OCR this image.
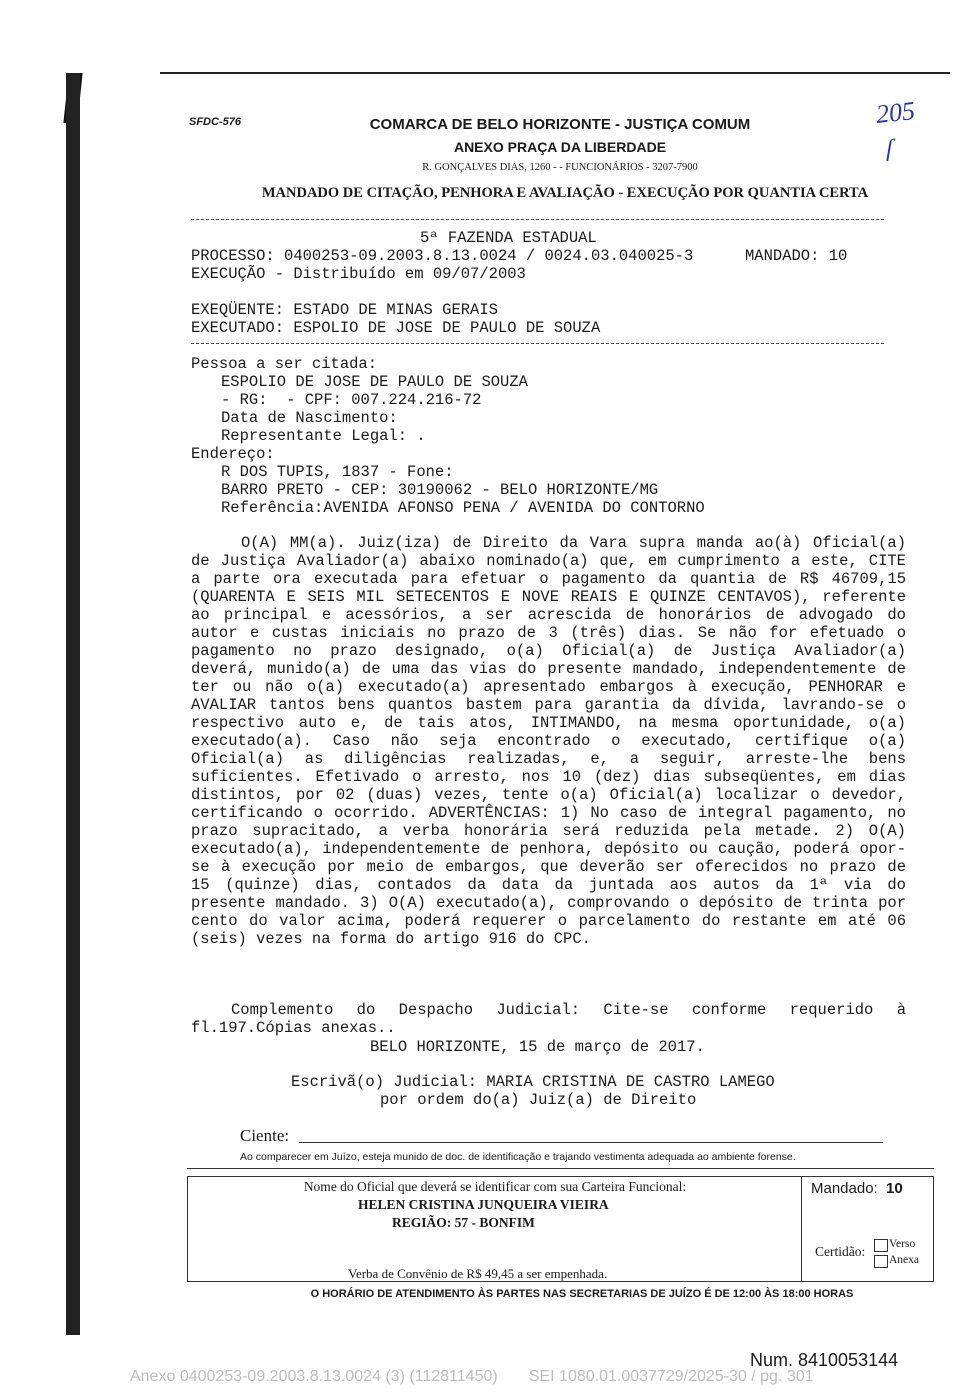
SFDC-576	COMARCA DE BELO HORIZONTE - JUSTIÇA COMUM
ANEXO PRAÇA DA LIBERDADE
R. GONÇALVES DIAS, 1260 - - FUNCIONÁRIOS - 3207-7900
MANDADO DE CITAÇÃO, PENHORA E AVALIAÇÃO - EXECUÇÃO POR QUANTIA CERTA
205
ſ
5ª FAZENDA ESTADUAL
PROCESSO: 0400253-09.2003.8.13.0024 / 0024.03.040025-3	MANDADO: 10
EXECUÇÃO - Distribuído em 09/07/2003
EXEQÜENTE: ESTADO DE MINAS GERAIS
EXECUTADO: ESPOLIO DE JOSE DE PAULO DE SOUZA
Pessoa a ser citada:
ESPOLIO DE JOSE DE PAULO DE SOUZA
- RG:  - CPF: 007.224.216-72
Data de Nascimento:
Representante Legal: .
Endereço:
R DOS TUPIS, 1837 - Fone:
BARRO PRETO - CEP: 30190062 - BELO HORIZONTE/MG
Referência:AVENIDA AFONSO PENA / AVENIDA DO CONTORNO
O(A) MM(a). Juiz(iza) de Direito da Vara supra manda ao(à) Oficial(a) de Justiça Avaliador(a) abaixo nominado(a) que, em cumprimento a este, CITE a parte ora executada para efetuar o pagamento da quantia de R$ 46709,15 (QUARENTA E SEIS MIL SETECENTOS E NOVE REAIS E QUINZE CENTAVOS), referente ao principal e acessórios, a ser acrescida de honorários de advogado do autor e custas iniciais no prazo de 3 (três) dias. Se não for efetuado o pagamento no prazo designado, o(a) Oficial(a) de Justiça Avaliador(a) deverá, munido(a) de uma das vias do presente mandado, independentemente de ter ou não o(a) executado(a) apresentado embargos à execução, PENHORAR e AVALIAR tantos bens quantos bastem para garantia da dívida, lavrando-se o respectivo auto e, de tais atos, INTIMANDO, na mesma oportunidade, o(a) executado(a). Caso não seja encontrado o executado, certifique o(a) Oficial(a) as diligências realizadas, e, a seguir, arreste-lhe bens suficientes. Efetivado o arresto, nos 10 (dez) dias subseqüentes, em dias distintos, por 02 (duas) vezes, tente o(a) Oficial(a) localizar o devedor, certificando o ocorrido. ADVERTÊNCIAS: 1) No caso de integral pagamento, no prazo supracitado, a verba honorária será reduzida pela metade. 2) O(A) executado(a), independentemente de penhora, depósito ou caução, poderá opor-se à execução por meio de embargos, que deverão ser oferecidos no prazo de 15 (quinze) dias, contados da data da juntada aos autos da 1ª via do presente mandado. 3) O(A) executado(a), comprovando o depósito de trinta por cento do valor acima, poderá requerer o parcelamento do restante em até 06 (seis) vezes na forma do artigo 916 do CPC.
Complemento do Despacho Judicial: Cite-se conforme requerido à fl.197.Cópias anexas..
BELO HORIZONTE, 15 de março de 2017.
Escrivã(o) Judicial: MARIA CRISTINA DE CASTRO LAMEGO
por ordem do(a) Juiz(a) de Direito
Ciente:
Ao comparecer em Juízo, esteja munido de doc. de identificação e trajando vestimenta adequada ao ambiente forense.
Nome do Oficial que deverá se identificar com sua Carteira Funcional:
HELEN CRISTINA JUNQUEIRA VIEIRA
REGIÃO: 57 - BONFIM
Verba de Convênio de R$ 49,45 a ser empenhada.
Mandado: 10
Certidão: Verso
Anexa
O HORÁRIO DE ATENDIMENTO ÀS PARTES NAS SECRETARIAS DE JUÍZO É DE 12:00 ÀS 18:00 HORAS
Num. 8410053144
Anexo 0400253-09.2003.8.13.0024 (3) (112811450)       SEI 1080.01.0037729/2025-30 / pg. 301
